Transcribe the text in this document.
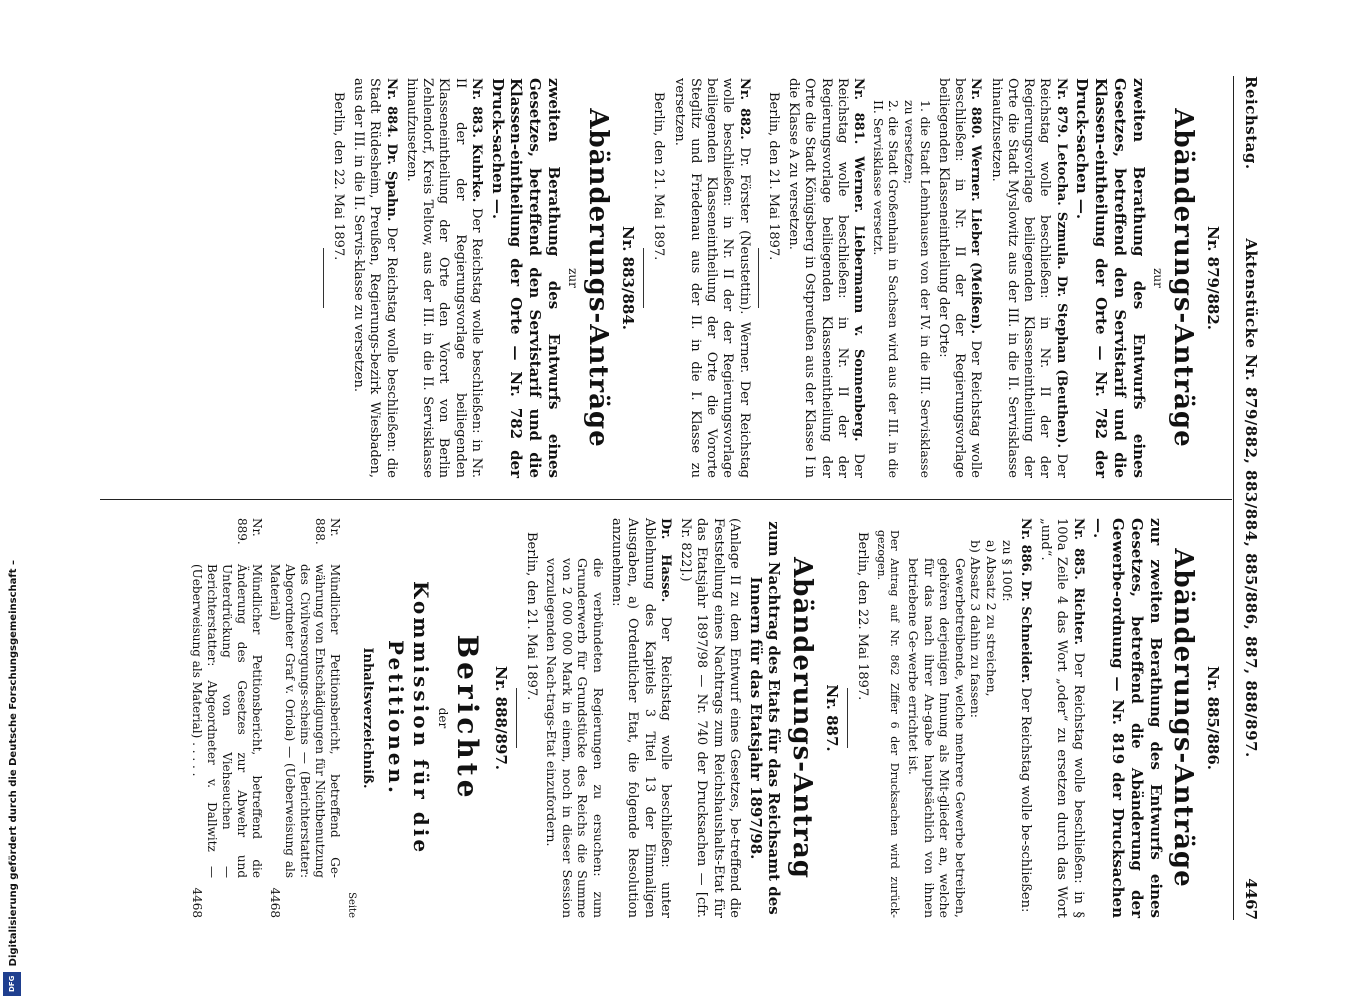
Reichstag.
Aktenstücke Nr. 879/882, 883/884, 885/886, 887, 888/897.
4467
Nr. 879/882.
Abänderungs-Anträge
zur
zweiten Berathung des Entwurfs eines Gesetzes, betreffend den Servistarif und die Klassen-eintheilung der Orte — Nr. 782 der Druck-sachen —.

Nr. 879. Letocha. Szmula. Dr. Stephan (Beuthen). Der Reichstag wolle beschließen: in Nr. II der der Regierungsvorlage beiliegenden Klasseneintheilung der Orte die Stadt Myslowitz aus der III. in die II. Servisklasse hinaufzusetzen.

Nr. 880. Werner. Lieber (Meißen). Der Reichstag wolle beschließen: in Nr. II der der Regierungsvorlage beiliegenden Klasseneintheilung der Orte:

1. die Stadt Lehnhausen von der IV. in die III. Servisklasse zu versetzen;
2. die Stadt Großenhain in Sachsen wird aus der III. in die II. Servisklasse versetzt.

Nr. 881. Werner. Liebermann v. Sonnenberg. Der Reichstag wolle beschließen: in Nr. II der der Regierungsvorlage beiliegenden Klasseneintheilung der Orte die Stadt Königsberg in Ostpreußen aus der Klasse I in die Klasse A zu versetzen.

Berlin, den 21. Mai 1897.

Nr. 882. Dr. Förster (Neustettin). Werner. Der Reichstag wolle beschließen: in Nr. II der der Regierungsvorlage beiliegenden Klasseneintheilung der Orte die Vororte Steglitz und Friedenau aus der II. in die I. Klasse zu versetzen.

Berlin, den 21. Mai 1897.
Nr. 883/884.
Abänderungs-Anträge
zur
zweiten Berathung des Entwurfs eines Gesetzes, betreffend den Servistarif und die Klassen-eintheilung der Orte — Nr. 782 der Druck-sachen —.

Nr. 883. Kuhrke. Der Reichstag wolle beschließen: in Nr. II der der Regierungsvorlage beiliegenden Klasseneintheilung der Orte den Vorort von Berlin Zehlendorf, Kreis Teltow, aus der III. in die II. Servisklasse hinaufzusetzen.

Nr. 884. Dr. Spahn. Der Reichstag wolle beschließen: die Stadt Rüdesheim, Preußen, Regierungs-bezirk Wiesbaden, aus der III. in die II. Servis-klasse zu versetzen.

Berlin, den 22. Mai 1897.
Nr. 885/886.
Abänderungs-Anträge
zur zweiten Berathung des Entwurfs eines Gesetzes, betreffend die Abänderung der Gewerbe-ordnung — Nr. 819 der Drucksachen —.

Nr. 885. Richter. Der Reichstag wolle beschließen: in § 100a Zeile 4 das Wort „oder“ zu ersetzen durch das Wort „und“.

Nr. 886. Dr. Schneider. Der Reichstag wolle be-schließen:

zu § 100f:
a) Absatz 2 zu streichen,
b) Absatz 3 dahin zu fassen:
Gewerbetreibende, welche mehrere Gewerbe betreiben, gehören derjenigen Innung als Mit-glieder an, welche für das nach ihrer An-gabe hauptsächlich von ihnen betriebene Ge-werbe errichtet ist.
Der Antrag auf Nr. 862 Ziffer 6 der Drucksachen wird zurück-gezogen.
Berlin, den 22. Mai 1897.
Nr. 887.
Abänderungs-Antrag
zum Nachtrag des Etats für das Reichsamt des Innern für das Etatsjahr 1897/98.

(Anlage II zu dem Entwurf eines Gesetzes, be-treffend die Feststellung eines Nachtrags zum Reichshaushalts-Etat für das Etatsjahr 1897/98 — Nr. 740 der Drucksachen — [cfr. Nr. 822].)

Dr. Hasse. Der Reichstag wolle beschließen: unter Ablehnung des Kapitels 3 Titel 13 der Einmaligen Ausgaben, a) Ordentlicher Etat, die folgende Resolution anzunehmen:

die verbündeten Regierungen zu ersuchen: zum Grunderwerb für Grundstücke des Reichs die Summe von 2 000 000 Mark in einem, noch in dieser Session vorzulegenden Nach-trags-Etat einzufordern.
Berlin, den 21. Mai 1897.
Nr. 888/897.
Berichte
der
Kommission für die Petitionen.
Inhaltsverzeichniß.
Seite
Nr. 888.
Mündlicher Petitionsbericht, betreffend Ge-währung von Entschädigungen für Nichtbenutzung des Civilversorgungs-scheins — (Berichterstatter: Abgeordneter Graf v. Oriola) — (Ueberweisung als Material)
4468
Nr. 889.
Mündlicher Petitionsbericht, betreffend die Änderung des Gesetzes zur Abwehr und Unterdrückung von Viehseuchen — Berichterstatter: Abgeordneter v. Dallwitz — (Ueberweisung als Material) . . . . .
4468
Digitalisierung gefördert durch die Deutsche Forschungsgemeinschaft –
DFG
